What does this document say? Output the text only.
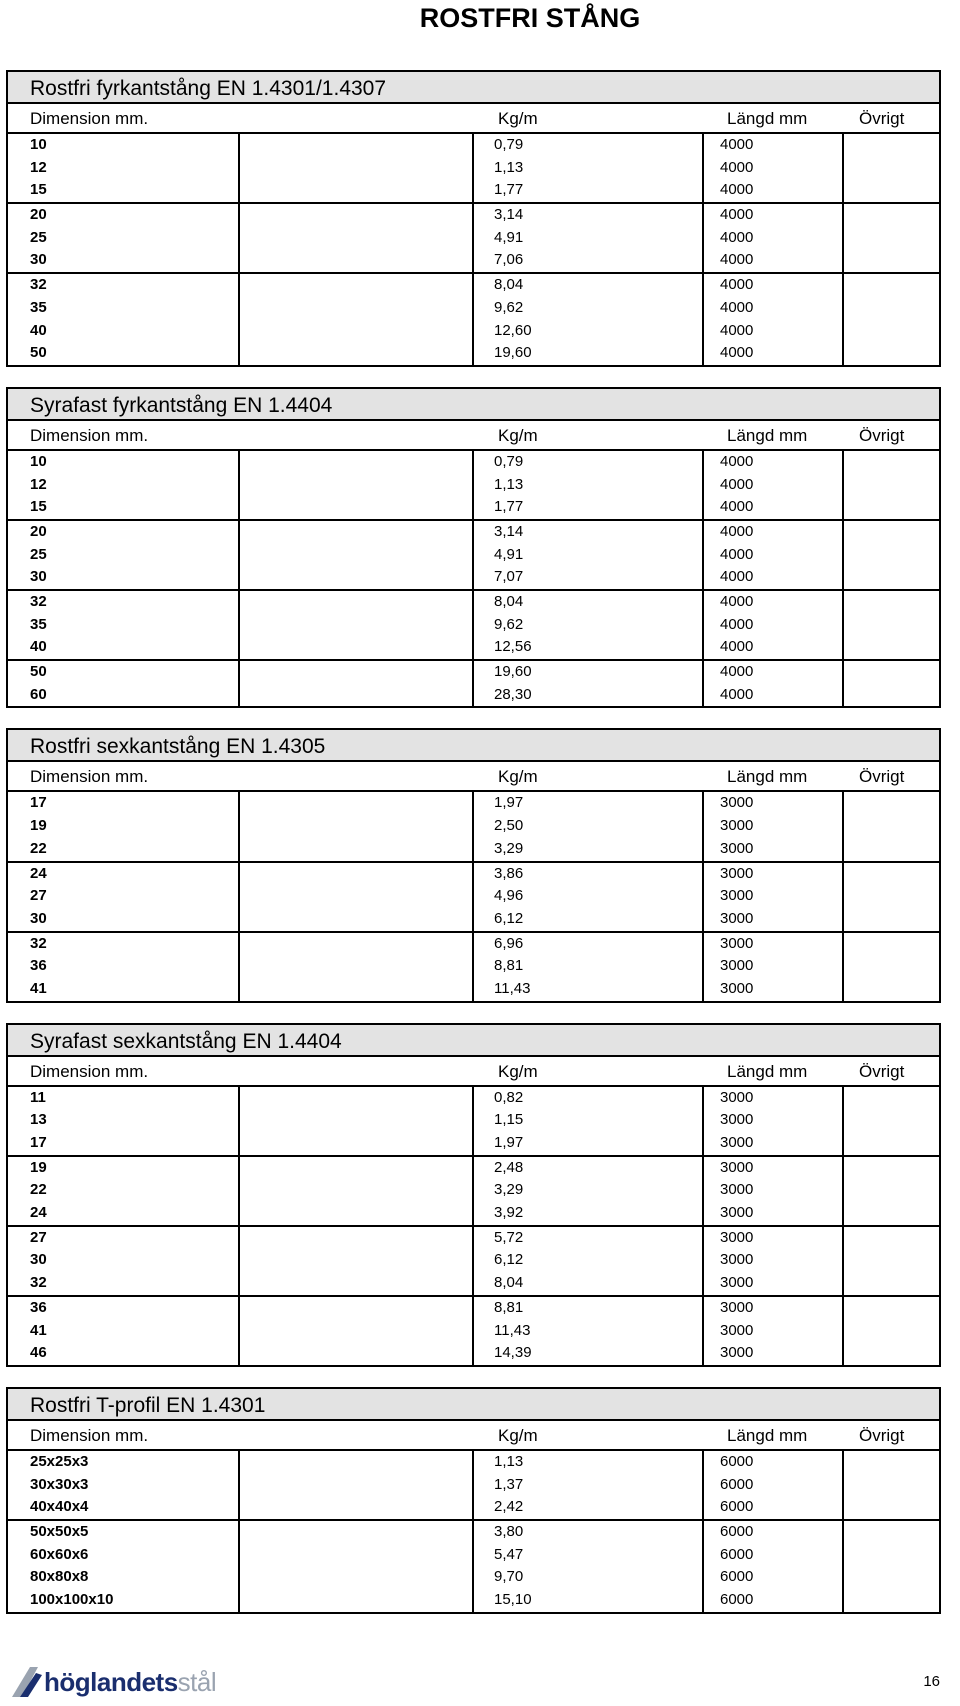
ROSTFRI STÅNG
Rostfri fyrkantstång EN 1.4301/1.4307
Dimension mm.	Kg/m	Längd mm	Övrigt
10	0,79	4000
12	1,13	4000
15	1,77	4000
20	3,14	4000
25	4,91	4000
30	7,06	4000
32	8,04	4000
35	9,62	4000
40	12,60	4000
50	19,60	4000
Syrafast fyrkantstång EN 1.4404
Dimension mm.	Kg/m	Längd mm	Övrigt
10	0,79	4000
12	1,13	4000
15	1,77	4000
20	3,14	4000
25	4,91	4000
30	7,07	4000
32	8,04	4000
35	9,62	4000
40	12,56	4000
50	19,60	4000
60	28,30	4000
Rostfri sexkantstång EN 1.4305
Dimension mm.	Kg/m	Längd mm	Övrigt
17	1,97	3000
19	2,50	3000
22	3,29	3000
24	3,86	3000
27	4,96	3000
30	6,12	3000
32	6,96	3000
36	8,81	3000
41	11,43	3000
Syrafast sexkantstång EN 1.4404
Dimension mm.	Kg/m	Längd mm	Övrigt
11	0,82	3000
13	1,15	3000
17	1,97	3000
19	2,48	3000
22	3,29	3000
24	3,92	3000
27	5,72	3000
30	6,12	3000
32	8,04	3000
36	8,81	3000
41	11,43	3000
46	14,39	3000
Rostfri T-profil EN 1.4301
Dimension mm.	Kg/m	Längd mm	Övrigt
25x25x3	1,13	6000
30x30x3	1,37	6000
40x40x4	2,42	6000
50x50x5	3,80	6000
60x60x6	5,47	6000
80x80x8	9,70	6000
100x100x10	15,10	6000
höglandetsstål	16
